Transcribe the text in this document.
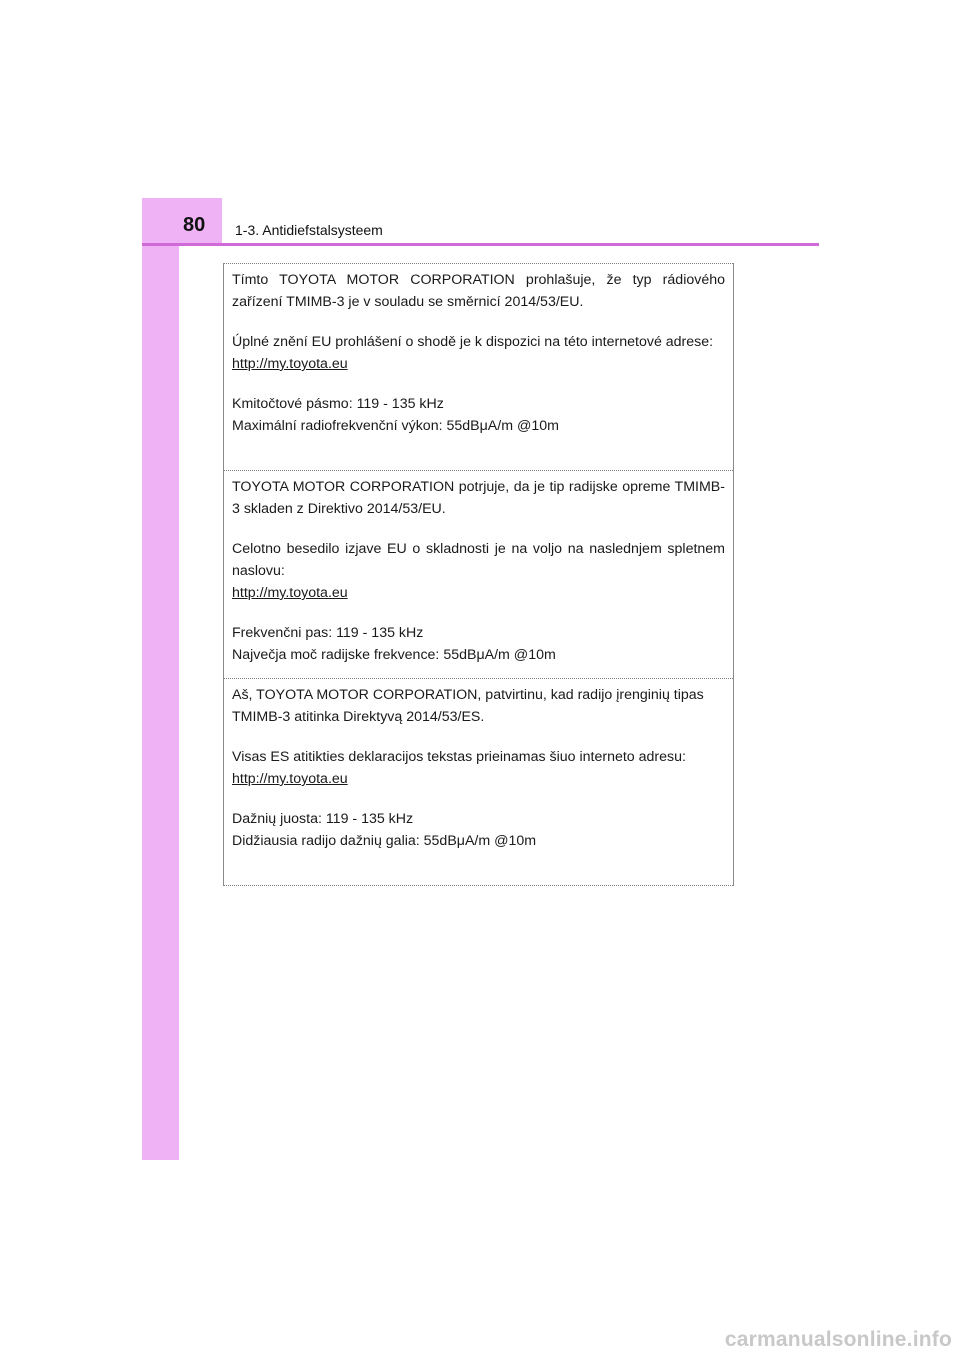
80 1-3. Antidiefstalsysteem

Tímto TOYOTA MOTOR CORPORATION prohlašuje, že typ rádiového zařízení TMIMB-3 je v souladu se směrnicí 2014/53/EU.

Úplné znění EU prohlášení o shodě je k dispozici na této internetové adrese:

http://my.toyota.eu

Kmitočtové pásmo: 119 - 135 kHz

Maximální radiofrekvenční výkon: 55dBμA/m @10m

TOYOTA MOTOR CORPORATION potrjuje, da je tip radijske opreme TMIMB-3 skladen z Direktivo 2014/53/EU.

Celotno besedilo izjave EU o skladnosti je na voljo na naslednjem spletnem naslovu:

http://my.toyota.eu

Frekvenčni pas: 119 - 135 kHz

Največja moč radijske frekvence: 55dBμA/m @10m

Aš, TOYOTA MOTOR CORPORATION, patvirtinu, kad radijo įrenginių tipas TMIMB-3 atitinka Direktyvą 2014/53/ES.

Visas ES atitikties deklaracijos tekstas prieinamas šiuo interneto adresu:

http://my.toyota.eu

Dažnių juosta: 119 - 135 kHz

Didžiausia radijo dažnių galia: 55dBμA/m @10m

carmanualsonline.info
